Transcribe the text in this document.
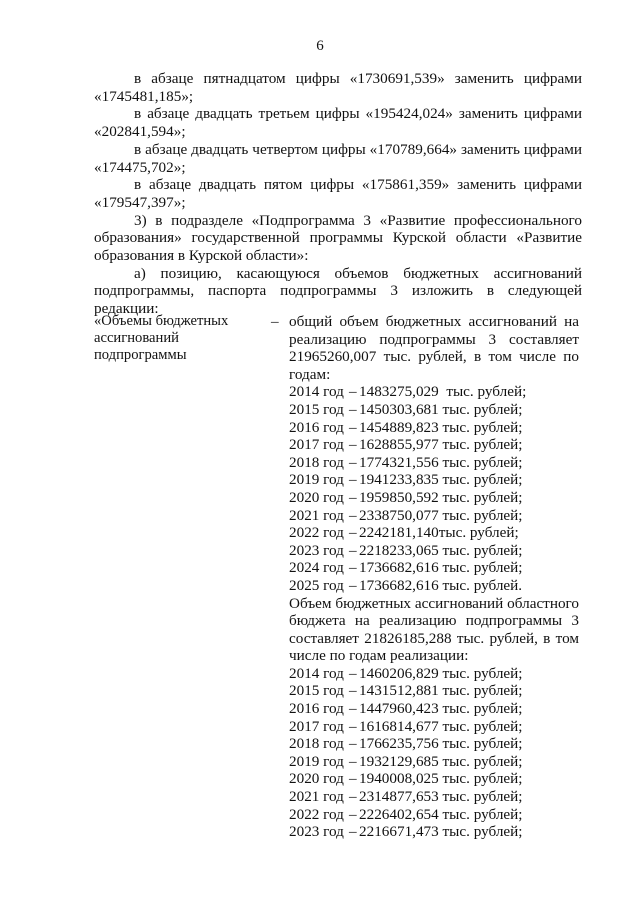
6

в абзаце пятнадцатом цифры «1730691,539» заменить цифрами «1745481,185»;

в абзаце двадцать третьем цифры «195424,024» заменить цифрами «202841,594»;

в абзаце двадцать четвертом цифры «170789,664» заменить цифрами «174475,702»;

в абзаце двадцать пятом цифры «175861,359» заменить цифрами «179547,397»;

3) в подразделе «Подпрограмма 3 «Развитие профессионального образования» государственной программы Курской области «Развитие образования в Курской области»:

а) позицию, касающуюся объемов бюджетных ассигнований подпрограммы, паспорта подпрограммы 3 изложить в следующей редакции:

«Объемы бюджетных ассигнований подпрограммы
– общий объем бюджетных ассигнований на реализацию подпрограммы 3 составляет 21965260,007 тыс. рублей, в том числе по годам:
2014 год – 1483275,029  тыс. рублей;
2015 год – 1450303,681 тыс. рублей;
2016 год – 1454889,823 тыс. рублей;
2017 год – 1628855,977 тыс. рублей;
2018 год – 1774321,556 тыс. рублей;
2019 год – 1941233,835 тыс. рублей;
2020 год – 1959850,592 тыс. рублей;
2021 год – 2338750,077 тыс. рублей;
2022 год – 2242181,140тыс. рублей;
2023 год – 2218233,065 тыс. рублей;
2024 год – 1736682,616 тыс. рублей;
2025 год – 1736682,616 тыс. рублей.
Объем бюджетных ассигнований областного бюджета на реализацию подпрограммы 3 составляет 21826185,288 тыс. рублей, в том числе по годам реализации:
2014 год – 1460206,829 тыс. рублей;
2015 год – 1431512,881 тыс. рублей;
2016 год – 1447960,423 тыс. рублей;
2017 год – 1616814,677 тыс. рублей;
2018 год – 1766235,756 тыс. рублей;
2019 год – 1932129,685 тыс. рублей;
2020 год – 1940008,025 тыс. рублей;
2021 год – 2314877,653 тыс. рублей;
2022 год – 2226402,654 тыс. рублей;
2023 год – 2216671,473 тыс. рублей;
